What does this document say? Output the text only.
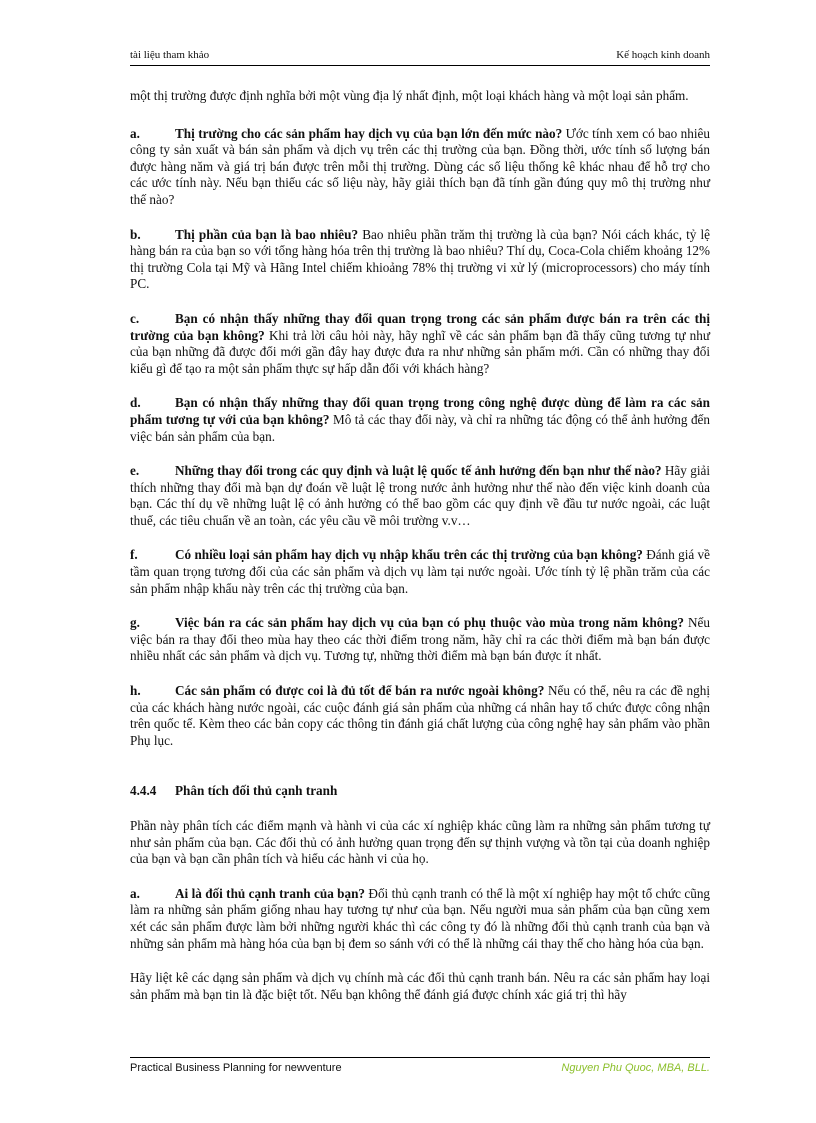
tài liệu tham khảo	Kế hoạch kinh doanh

một thị trường được định nghĩa bởi một vùng địa lý nhất định, một loại khách hàng và một loại sản phẩm.

a.	Thị trường cho các sản phẩm hay dịch vụ của bạn lớn đến mức nào? Ước tính xem có bao nhiêu công ty sản xuất và bán sản phẩm và dịch vụ trên các thị trường của bạn. Đồng thời, ước tính số lượng bán được hàng năm và giá trị bán được trên mỗi thị trường. Dùng các số liệu thống kê khác nhau để hỗ trợ cho các ước tính này. Nếu bạn thiếu các số liệu này, hãy giải thích bạn đã tính gần đúng quy mô thị trường như thế nào?

b.	Thị phần của bạn là bao nhiêu? Bao nhiêu phần trăm thị trường là của bạn? Nói cách khác, tỷ lệ hàng bán ra của bạn so với tổng hàng hóa trên thị trường là bao nhiêu? Thí dụ, Coca-Cola chiếm khoảng 12% thị trường Cola tại Mỹ và Hãng Intel chiếm khioảng 78% thị trường vi xử lý (microprocessors) cho máy tính PC.

c.	Bạn có nhận thấy những thay đổi quan trọng trong các sản phẩm được bán ra trên các thị trường của bạn không? Khi trả lời câu hỏi này, hãy nghĩ về các sản phẩm bạn đã thấy cũng tương tự như của bạn những đã được đổi mới gần đây hay được đưa ra như những sản phẩm mới. Cần có những thay đổi kiểu gì để tạo ra một sản phẩm thực sự hấp dẫn đối với khách hàng?

d.	Bạn có nhận thấy những thay đổi quan trọng trong công nghệ được dùng để làm ra các sản phẩm tương tự với của bạn không? Mô tả các thay đổi này, và chỉ ra những tác động có thể ảnh hưởng đến việc bán sản phẩm của bạn.

e.	Những thay đổi trong các quy định và luật lệ quốc tế ảnh hưởng đến bạn như thế nào? Hãy giải thích những thay đổi mà bạn dự đoán về luật lệ trong nước ảnh hưởng như thế nào đến việc kinh doanh của bạn. Các thí dụ về những luật lệ có ảnh hưởng có thể bao gồm các quy định về đầu tư nước ngoài, các luật thuế, các tiêu chuẩn về an toàn, các yêu cầu về môi trường v.v…

f.	Có nhiều loại sản phẩm hay dịch vụ nhập khẩu trên các thị trường của bạn không? Đánh giá về tầm quan trọng tương đối của các sản phẩm và dịch vụ làm tại nước ngoài. Ước tính tỷ lệ phần trăm của các sản phẩm nhập khẩu này trên các thị trường của bạn.

g.	Việc bán ra các sản phẩm hay dịch vụ của bạn có phụ thuộc vào mùa trong năm không? Nếu việc bán ra thay đổi theo mùa hay theo các thời điểm trong năm, hãy chỉ ra các thời điểm mà bạn bán được nhiều nhất các sản phẩm và dịch vụ. Tương tự, những thời điểm mà bạn bán được ít nhất.

h.	Các sản phẩm có được coi là đủ tốt để bán ra nước ngoài không? Nếu có thể, nêu ra các đề nghị của các khách hàng nước ngoài, các cuộc đánh giá sản phẩm của những cá nhân hay tổ chức được công nhận trên quốc tế. Kèm theo các bản copy các thông tin đánh giá chất lượng của công nghệ hay sản phẩm vào phần Phụ lục.

4.4.4 Phân tích đối thủ cạnh tranh

Phần này phân tích các điểm mạnh và hành vi của các xí nghiệp khác cũng làm ra những sản phẩm tương tự như sản phẩm của bạn. Các đối thủ có ảnh hưởng quan trọng đến sự thịnh vượng và tồn tại của doanh nghiệp của bạn và bạn cần phân tích và hiểu các hành vi của họ.

a.	Ai là đối thủ cạnh tranh của bạn? Đối thủ cạnh tranh có thể là một xí nghiệp hay một tổ chức cũng làm ra những sản phẩm giống nhau hay tương tự như của bạn. Nếu người mua sản phẩm của bạn cũng xem xét các sản phẩm được làm bởi những người khác thì các công ty đó là những đối thủ cạnh tranh của bạn và những sản phẩm mà hàng hóa của bạn bị đem so sánh với có thể là những cái thay thế cho hàng hóa của bạn.

Hãy liệt kê các dạng sản phẩm và dịch vụ chính mà các đối thủ cạnh tranh bán. Nêu ra các sản phẩm hay loại sản phẩm mà bạn tin là đặc biệt tốt. Nếu bạn không thể đánh giá được chính xác giá trị thì hãy

Practical Business Planning for newventure	Nguyen Phu Quoc, MBA, BLL.
